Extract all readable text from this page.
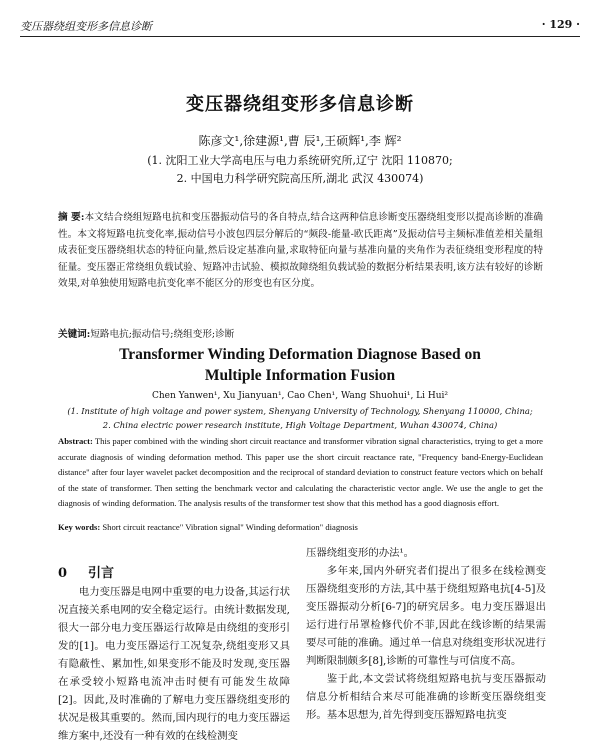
变压器绕组变形多信息诊断	· 129 ·
变压器绕组变形多信息诊断
陈彦文¹,徐建源¹,曹 辰¹,王硕辉¹,李 辉²
(1. 沈阳工业大学高电压与电力系统研究所,辽宁 沈阳 110870;
2. 中国电力科学研究院高压所,湖北 武汉 430074)
摘 要:本文结合绕组短路电抗和变压器振动信号的各自特点,结合这两种信息诊断变压器绕组变形以提高诊断的准确性。本文将短路电抗变化率,振动信号小波包四层分解后的“频段-能量-欧氏距离”及振动信号主频标准值差相关量组成表征变压器绕组状态的特征向量,然后设定基准向量,求取特征向量与基准向量的夹角作为表征绕组变形程度的特征量。变压器正常绕组负载试验、短路冲击试验、模拟故障绕组负载试验的数据分析结果表明,该方法有较好的诊断效果,对单独使用短路电抗变化率不能区分的形变也有区分度。
关键词:短路电抗;振动信号;绕组变形;诊断
Transformer Winding Deformation Diagnose Based on
Multiple Information Fusion
Chen Yanwen¹, Xu Jianyuan¹, Cao Chen¹, Wang Shuohui¹, Li Hui²
(1. Institute of high voltage and power system, Shenyang University of Technology, Shenyang 110000, China;
2. China electric power research institute, High Voltage Department, Wuhan 430074, China)
Abstract: This paper combined with the winding short circuit reactance and transformer vibration signal characteristics, trying to get a more accurate diagnosis of winding deformation method. This paper use the short circuit reactance rate, "Frequency band-Energy-Euclidean distance" after four layer wavelet packet decomposition and the reciprocal of standard deviation to construct feature vectors which on behalf of the state of transformer. Then setting the benchmark vector and calculating the characteristic vector angle. We use the angle to get the diagnosis of winding deformation. The analysis results of the transformer test show that this method has a good diagnosis effort.
Key words: Short circuit reactance" Vibration signal" Winding deformation" diagnosis
0 引言

电力变压器是电网中重要的电力设备,其运行状况直接关系电网的安全稳定运行。由统计数据发现,很大一部分电力变压器运行故障是由绕组的变形引发的[1]。电力变压器运行工况复杂,绕组变形又具有隐蔽性、累加性,如果变形不能及时发现,变压器在承受较小短路电流冲击时便有可能发生故障[2]。因此,及时准确的了解电力变压器绕组变形的状况是极其重要的。然而,国内现行的电力变压器运维方案中,还没有一种有效的在线检测变

压器绕组变形的办法¹。

多年来,国内外研究者们提出了很多在线检测变压器绕组变形的方法,其中基于绕组短路电抗[4-5]及变压器振动分析[6-7]的研究居多。电力变压器退出运行进行吊罩检修代价不菲,因此在线诊断的结果需要尽可能的准确。通过单一信息对绕组变形状况进行判断限制颇多[8],诊断的可靠性与可信度不高。

鉴于此,本文尝试将绕组短路电抗与变压器振动信息分析相结合来尽可能准确的诊断变压器绕组变形。基本思想为,首先得到变压器短路电抗变
